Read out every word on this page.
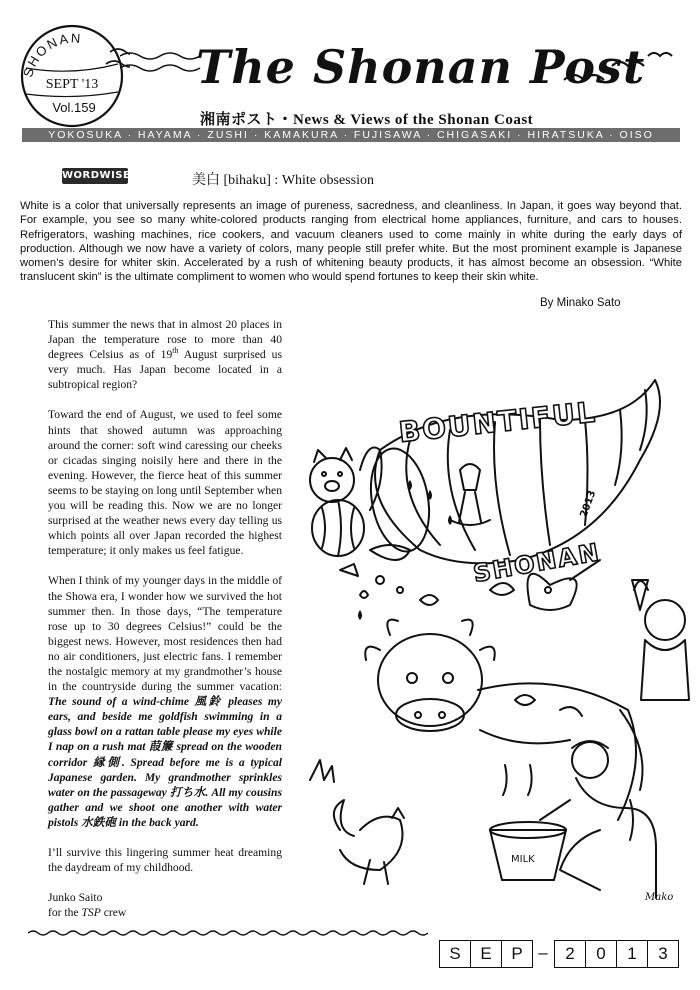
SHONAN
SEPT '13
Vol.159
The Shonan Post
湘南ポスト・News & Views of the Shonan Coast
YOKOSUKA · HAYAMA · ZUSHI · KAMAKURA · FUJISAWA · CHIGASAKI · HIRATSUKA · OISO
WORDWISE	美白 [bihaku] : White obsession

White is a color that universally represents an image of pureness, sacredness, and cleanliness. In Japan, it goes way beyond that. For example, you see so many white-colored products ranging from electrical home appliances, furniture, and cars to houses. Refrigerators, washing machines, rice cookers, and vacuum cleaners used to come mainly in white during the early days of production. Although we now have a variety of colors, many people still prefer white. But the most prominent example is Japanese women’s desire for whiter skin. Accelerated by a rush of whitening beauty products, it has almost become an obsession. “White translucent skin” is the ultimate compliment to women who would spend fortunes to keep their skin white.

By Minako Sato

This summer the news that in almost 20 places in Japan the temperature rose to more than 40 degrees Celsius as of 19th August surprised us very much. Has Japan become located in a subtropical region?

Toward the end of August, we used to feel some hints that showed autumn was approaching around the corner: soft wind caressing our cheeks or cicadas singing noisily here and there in the evening. However, the fierce heat of this summer seems to be staying on long until September when you will be reading this. Now we are no longer surprised at the weather news every day telling us which points all over Japan recorded the highest temperature; it only makes us feel fatigue.

When I think of my younger days in the middle of the Showa era, I wonder how we survived the hot summer then. In those days, “The temperature rose up to 30 degrees Celsius!” could be the biggest news. However, most residences then had no air conditioners, just electric fans. I remember the nostalgic memory at my grandmother’s house in the countryside during the summer vacation: The sound of a wind-chime 風鈴 pleases my ears, and beside me goldfish swimming in a glass bowl on a rattan table please my eyes while I nap on a rush mat 葭簾 spread on the wooden corridor 縁側. Spread before me is a typical Japanese garden. My grandmother sprinkles water on the passageway 打ち水. All my cousins gather and we shoot one another with water pistols 水鉄砲 in the back yard.

I’ll survive this lingering summer heat dreaming the daydream of my childhood.

Junko Saito

for the TSP crew

BOUNTIFUL
SHONAN
2013
MILK
Mako
S	E	P –	2	0	1	3
